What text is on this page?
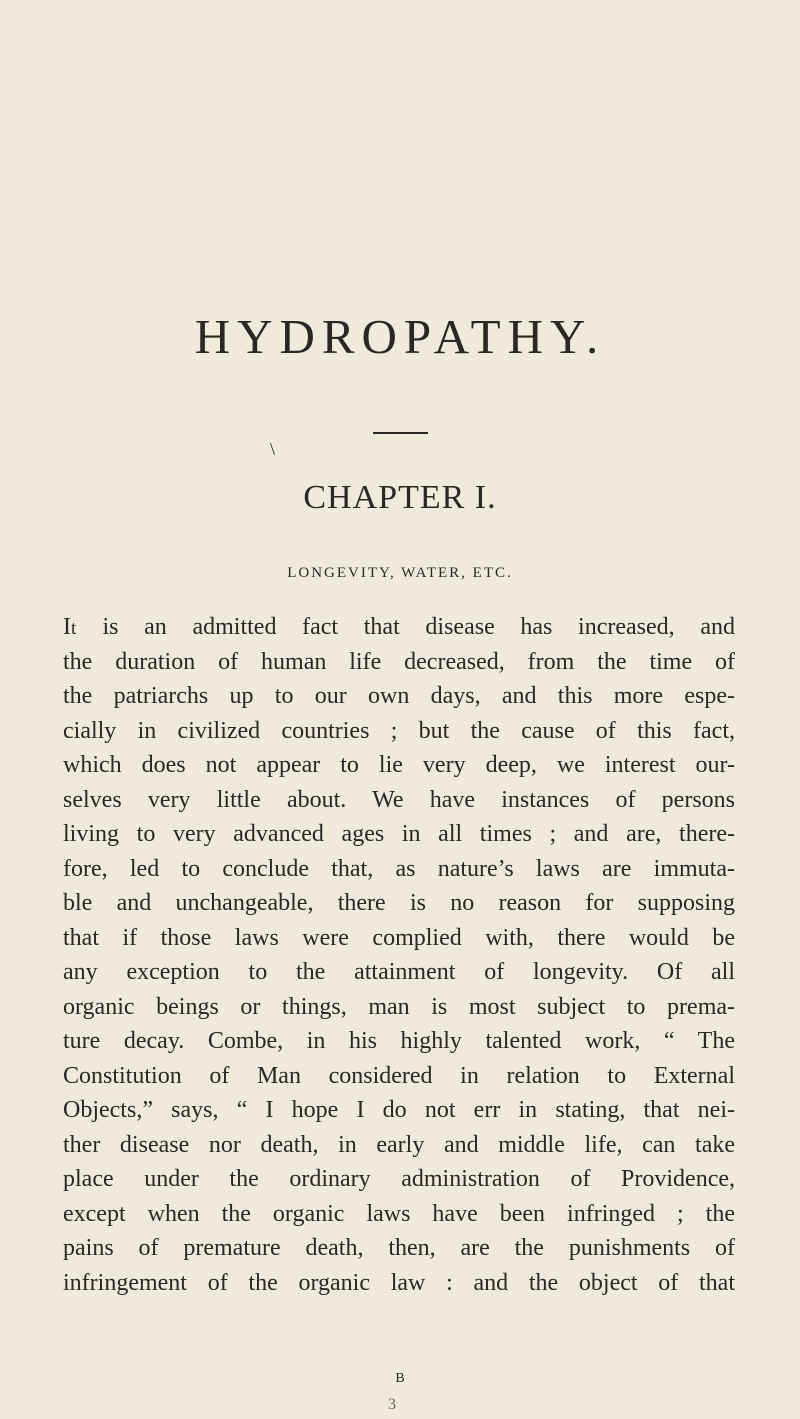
HYDROPATHY.
\
CHAPTER I.
LONGEVITY, WATER, ETC.
It is an admitted fact that disease has increased, and
the duration of human life decreased, from the time of
the patriarchs up to our own days, and this more espe-
cially in civilized countries ; but the cause of this fact,
which does not appear to lie very deep, we interest our-
selves very little about. We have instances of persons
living to very advanced ages in all times ; and are, there-
fore, led to conclude that, as nature’s laws are immuta-
ble and unchangeable, there is no reason for supposing
that if those laws were complied with, there would be
any exception to the attainment of longevity. Of all
organic beings or things, man is most subject to prema-
ture decay. Combe, in his highly talented work, “ The
Constitution of Man considered in relation to External
Objects,” says, “ I hope I do not err in stating, that nei-
ther disease nor death, in early and middle life, can take
place under the ordinary administration of Providence,
except when the organic laws have been infringed ; the
pains of premature death, then, are the punishments of
infringement of the organic law : and the object of that
B
3
